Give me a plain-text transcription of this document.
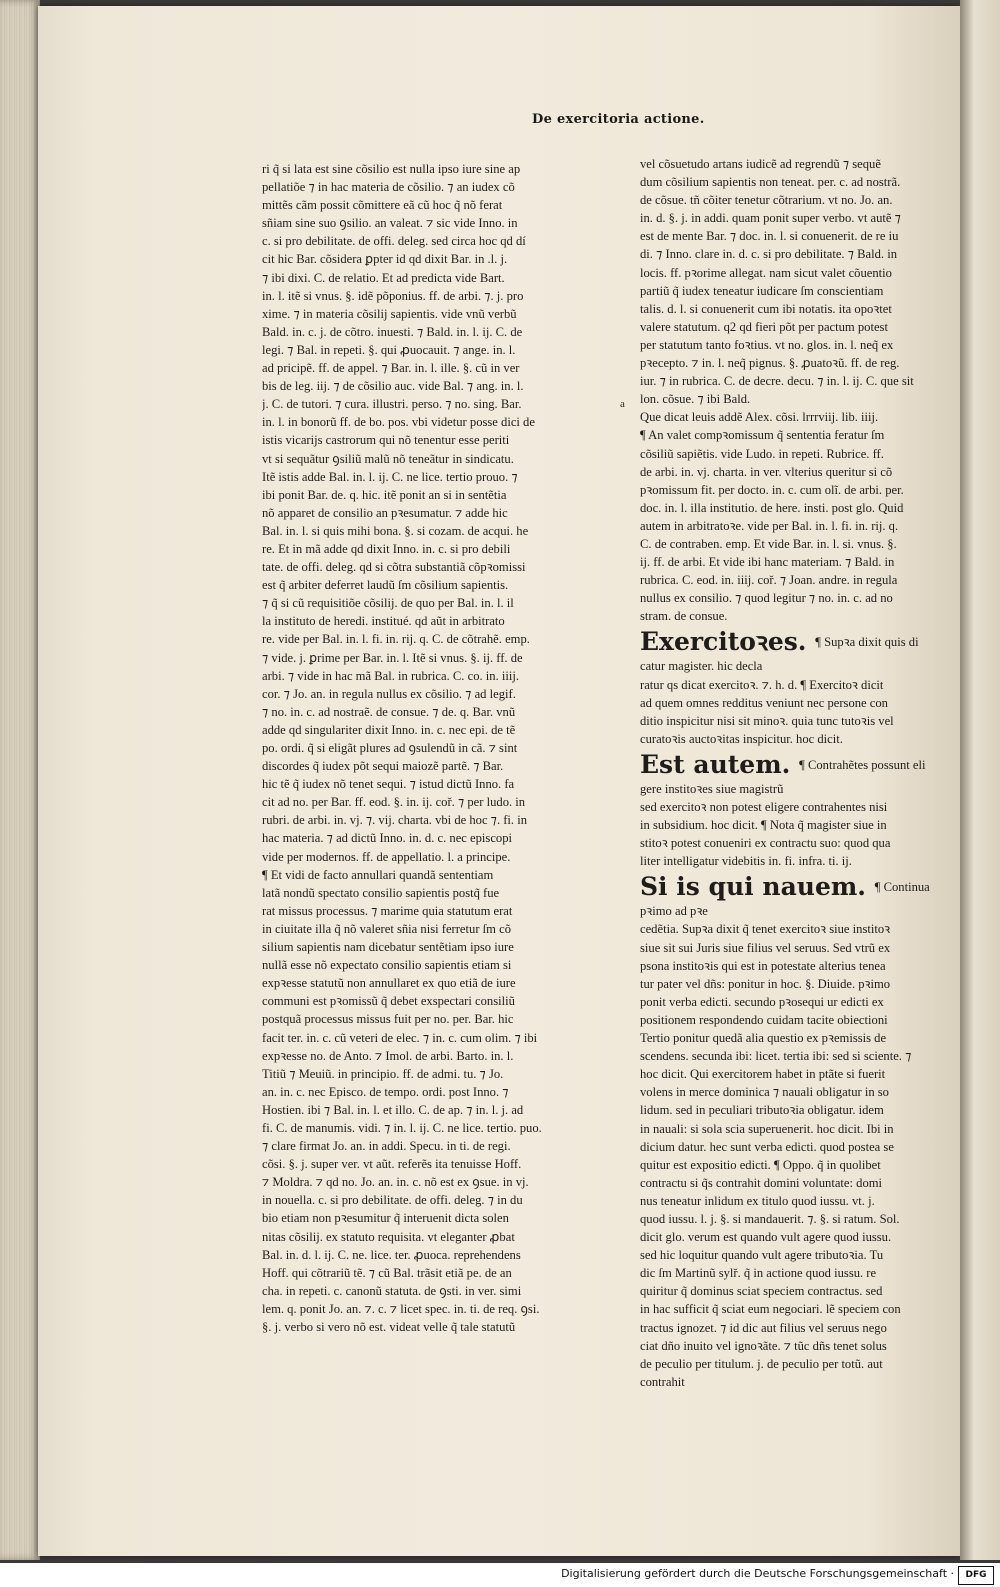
De exercitoria actione.
ri q̃ si lata est sine cõsilio est nulla ipso iure sine ap
pellatiõe ⁊ in hac materia de cõsilio. ⁊ an iudex cõ
mittẽs cãm possit cõmittere eã cũ hoc q̃ nõ ferat
sñiam sine suo ꝯsilio. an valeat. ⁊ sic vide Inno. in
c. si pro debilitate. de offi. deleg. sed circa hoc qd dí
cit hic Bar. cõsidera ꝑpter id qd dixit Bar. in .l. j.
⁊ ibi dixi. C. de relatio. Et ad predicta vide Bart.
in. l. itẽ si vnus. §. idẽ põponius. ff. de arbi. ⁊. j. pro
xime. ⁊ in materia cõsilij sapientis. vide vnũ verbũ
Bald. in. c. j. de cõtro. inuesti. ⁊ Bald. in. l. ij. C. de
legi. ⁊ Bal. in repeti. §. qui ꝓuocauit. ⁊ ange. in. l.
ad pricipẽ. ff. de appel. ⁊ Bar. in. l. ille. §. cũ in ver
bis de leg. iij. ⁊ de cõsilio auc. vide Bal. ⁊ ang. in. l.
j. C. de tutori. ⁊ cura. illustri. perso. ⁊ no. sing. Bar.
in. l. in bonorũ ff. de bo. pos. vbi videtur posse dici de
istis vicarijs castrorum qui nõ tenentur esse periti
vt si sequãtur ꝯsiliũ malũ nõ teneãtur in sindicatu.
Itẽ istis adde Bal. in. l. ij. C. ne lice. tertio prouo. ⁊
ibi ponit Bar. de. q. hic. itẽ ponit an si in sentẽtia
nõ apparet de consilio an pꝛesumatur. ⁊ adde hic
Bal. in. l. si quis mihi bona. §. si cozam. de acqui. he
re. Et in mã adde qd dixit Inno. in. c. si pro debili
tate. de offi. deleg. qd si cõtra substantiã cõpꝛomissi
est q̃ arbiter deferret laudũ ſm cõsilium sapientis.
⁊ q̃ si cũ requisitiõe cõsilij. de quo per Bal. in. l. il
la instituto de heredi. institué. qd aũt in arbitrato
re. vide per Bal. in. l. fi. in. rij. q. C. de cõtrahẽ. emp.
⁊ vide. j. ꝑrime per Bar. in. l. Itẽ si vnus. §. ij. ff. de
arbi. ⁊ vide in hac mã Bal. in rubrica. C. co. in. iiij.
cor. ⁊ Jo. an. in regula nullus ex cõsilio. ⁊ ad legif.
⁊ no. in. c. ad nostraẽ. de consue. ⁊ de. q. Bar. vnũ
adde qd singulariter dixit Inno. in. c. nec epi. de tẽ
po. ordi. q̃ si eligãt plures ad ꝯsulendũ in cã. ⁊ sint
discordes q̃ iudex põt sequi maiozẽ partẽ. ⁊ Bar.
hic tẽ q̃ iudex nõ tenet sequi. ⁊ istud dictũ Inno. fa
cit ad no. per Bar. ff. eod. §. in. ij. coř. ⁊ per ludo. in
rubri. de arbi. in. vj. ⁊. vij. charta. vbi de hoc ⁊. fi. in
hac materia. ⁊ ad dictũ Inno. in. d. c. nec episcopi
vide per modernos. ff. de appellatio. l. a principe.
¶ Et vidi de facto annullari quandã sententiam
latã nondũ spectato consilio sapientis postq̃ fue
rat missus processus. ⁊ marime quia statutum erat
in ciuitate illa q̃ nõ valeret sñia nisi ferretur ſm cõ
silium sapientis nam dicebatur sentẽtiam ipso iure
nullã esse nõ expectato consilio sapientis etiam si
expꝛesse statutũ non annullaret ex quo etiã de iure
communi est pꝛomissũ q̃ debet exspectari consiliũ
postquã processus missus fuit per no. per. Bar. hic
facit ter. in. c. cũ veteri de elec. ⁊ in. c. cum olim. ⁊ ibi
expꝛesse no. de Anto. ⁊ Imol. de arbi. Barto. in. l.
Titiũ ⁊ Meuiũ. in principio. ff. de admi. tu. ⁊ Jo.
an. in. c. nec Episco. de tempo. ordi. post Inno. ⁊
Hostien. ibi ⁊ Bal. in. l. et illo. C. de ap. ⁊ in. l. j. ad
fi. C. de manumis. vidi. ⁊ in. l. ij. C. ne lice. tertio. puo.
⁊ clare firmat Jo. an. in addi. Specu. in ti. de regi.
cõsi. §. j. super ver. vt aũt. referẽs ita tenuisse Hoff.
⁊ Moldra. ⁊ qd no. Jo. an. in. c. nõ est ex ꝯsue. in vj.
in nouella. c. si pro debilitate. de offi. deleg. ⁊ in du
bio etiam non pꝛesumitur q̃ interuenit dicta solen
nitas cõsilij. ex statuto requisita. vt eleganter ꝓbat
Bal. in. d. l. ij. C. ne. lice. ter. ꝓuoca. reprehendens
Hoff. qui cõtrariũ tẽ. ⁊ cũ Bal. trãsit etiã pe. de an
cha. in repeti. c. canonũ statuta. de ꝯsti. in ver. simi
lem. q. ponit Jo. an. ⁊. c. ⁊ licet spec. in. ti. de req. ꝯsi.
§. j. verbo si vero nõ est. videat velle q̃ tale statutũ
a
vel cõsuetudo artans iudicẽ ad regrendũ ⁊ sequẽ
dum cõsilium sapientis non teneat. per. c. ad nostrã.
de cõsue. tñ cõiter tenetur cõtrarium. vt no. Jo. an.
in. d. §. j. in addi. quam ponit super verbo. vt autẽ ⁊
est de mente Bar. ⁊ doc. in. l. si conuenerit. de re iu
di. ⁊ Inno. clare in. d. c. si pro debilitate. ⁊ Bald. in
locis. ff. pꝛorime allegat. nam sicut valet cõuentio
partiũ q̃ iudex teneatur iudicare ſm conscientiam
talis. d. l. si conuenerit cum ibi notatis. ita opoꝛtet
valere statutum. q2 qd fieri põt per pactum potest
per statutum tanto foꝛtius. vt no. glos. in. l. neq̃ ex
pꝛecepto. ⁊ in. l. neq̃ pignus. §. ꝓuatoꝛũ. ff. de reg.
iur. ⁊ in rubrica. C. de decre. decu. ⁊ in. l. ij. C. que sit
lon. cõsue. ⁊ ibi Bald.
Que dicat leuis addẽ Alex. cõsi. lrrrviij. lib. iiij.
¶ An valet compꝛomissum q̃ sententia feratur ſm
cõsiliũ sapiẽtis. vide Ludo. in repeti. Rubrice. ff.
de arbi. in. vj. charta. in ver. vlterius queritur si cõ
pꝛomissum fit. per docto. in. c. cum olĩ. de arbi. per.
doc. in. l. illa institutio. de here. insti. post glo. Quid
autem in arbitratoꝛe. vide per Bal. in. l. fi. in. rij. q.
C. de contraben. emp. Et vide Bar. in. l. si. vnus. §.
ij. ff. de arbi. Et vide ibi hanc materiam. ⁊ Bald. in
rubrica. C. eod. in. iiij. coř. ⁊ Joan. andre. in regula
nullus ex consilio. ⁊ quod legitur ⁊ no. in. c. ad no
stram. de consue.
Exercitoꝛes. $^{\P Supꝛa dixit quis di}$
catur magister. hic decla
ratur qs dicat exercitoꝛ. ⁊. h. d. ¶ Exercitoꝛ dicit
ad quem omnes redditus veniunt nec persone con
ditio inspicitur nisi sit minoꝛ. quia tunc tutoꝛis vel
curatoꝛis auctoꝛitas inspicitur. hoc dicit.
Est autem. $^{\P Contrahẽtes possunt eli}$
gere institoꝛes siue magistrũ
sed exercitoꝛ non potest eligere contrahentes nisi
in subsidium. hoc dicit. ¶ Nota q̃ magister siue in
stitoꝛ potest conueniri ex contractu suo: quod qua
liter intelligatur videbitis in. fi. infra. ti. ij.
Si is qui nauem. $^{\P Continua}$
pꝛimo ad pꝛe
cedẽtia. Supꝛa dixit q̃ tenet exercitoꝛ siue institoꝛ
siue sit sui Juris siue filius vel seruus. Sed vtrũ ex
psona institoꝛis qui est in potestate alterius tenea
tur pater vel dñs: ponitur in hoc. §. Diuide. pꝛimo
ponit verba edicti. secundo pꝛosequi ur edicti ex
positionem respondendo cuidam tacite obiectioni
Tertio ponitur quedã alia questio ex pꝛemissis de
scendens. secunda ibi: licet. tertia ibi: sed si sciente. ⁊
hoc dicit. Qui exercitorem habet in ptãte si fuerit
volens in merce dominica ⁊ nauali obligatur in so
lidum. sed in peculiari tributoꝛia obligatur. idem
in nauali: si sola scia superuenerit. hoc dicit. Ibi in
dicium datur. hec sunt verba edicti. quod postea se
quitur est expositio edicti. ¶ Oppo. q̃ in quolibet
contractu si q̃s contrahit domini voluntate: domi
nus teneatur inlidum ex titulo quod iussu. vt. j.
quod iussu. l. j. §. si mandauerit. ⁊. §. si ratum. Sol.
dicit glo. verum est quando vult agere quod iussu.
sed hic loquitur quando vult agere tributoꝛia. Tu
dic ſm Martinũ sylř. q̃ in actione quod iussu. re
quiritur q̃ dominus sciat speciem contractus. sed
in hac sufficit q̃ sciat eum negociari. lẽ speciem con
tractus ignozet. ⁊ id dic aut filius vel seruus nego
ciat dño inuito vel ignoꝛãte. ⁊ tũc dñs tenet solus
de peculio per titulum. j. de peculio per totũ. aut
contrahit
Digitalisierung gefördert durch die Deutsche Forschungsgemeinschaft ·	DFG
